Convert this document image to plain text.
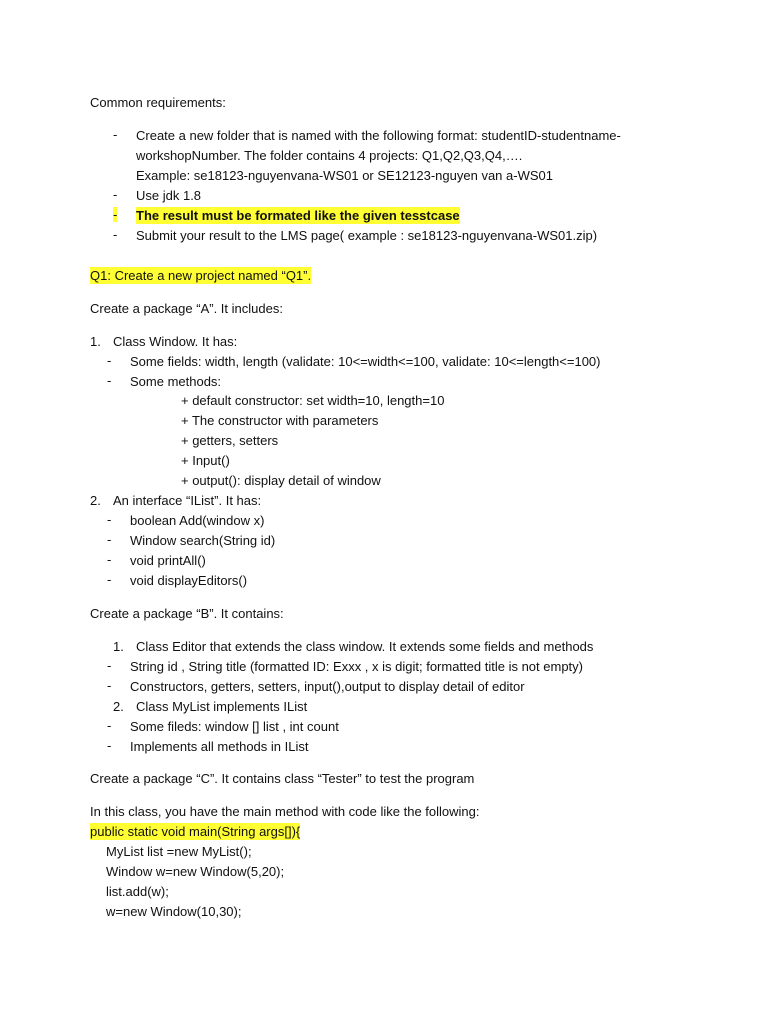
Common requirements:
- Create a new folder that is named with the following format: studentID-studentname-
workshopNumber. The folder contains 4 projects: Q1,Q2,Q3,Q4,….
Example: se18123-nguyenvana-WS01 or SE12123-nguyen van a-WS01
- Use jdk 1.8
- The result must be formated like the given tesstcase
- Submit your result to the LMS page( example : se18123-nguyenvana-WS01.zip)
Q1: Create a new project named “Q1”.
Create a package “A”. It includes:
1. Class Window. It has:
- Some fields: width, length (validate: 10<=width<=100, validate: 10<=length<=100)
- Some methods:
+ default constructor: set width=10, length=10
+ The constructor with parameters
+ getters, setters
+ Input()
+ output(): display detail of window
2. An interface “IList”. It has:
- boolean Add(window x)
- Window search(String id)
- void printAll()
- void displayEditors()
Create a package “B”. It contains:
1. Class Editor that extends the class window. It extends some fields and methods
- String id , String title (formatted ID: Exxx , x is digit; formatted title is not empty)
- Constructors, getters, setters, input(),output to display detail of editor
2. Class MyList implements IList
- Some fileds: window [] list , int count
- Implements all methods in IList
Create a package “C”. It contains class “Tester” to test the program
In this class, you have the main method with code like the following:
public static void main(String args[]){
MyList list =new MyList();
Window w=new Window(5,20);
list.add(w);
w=new Window(10,30);
